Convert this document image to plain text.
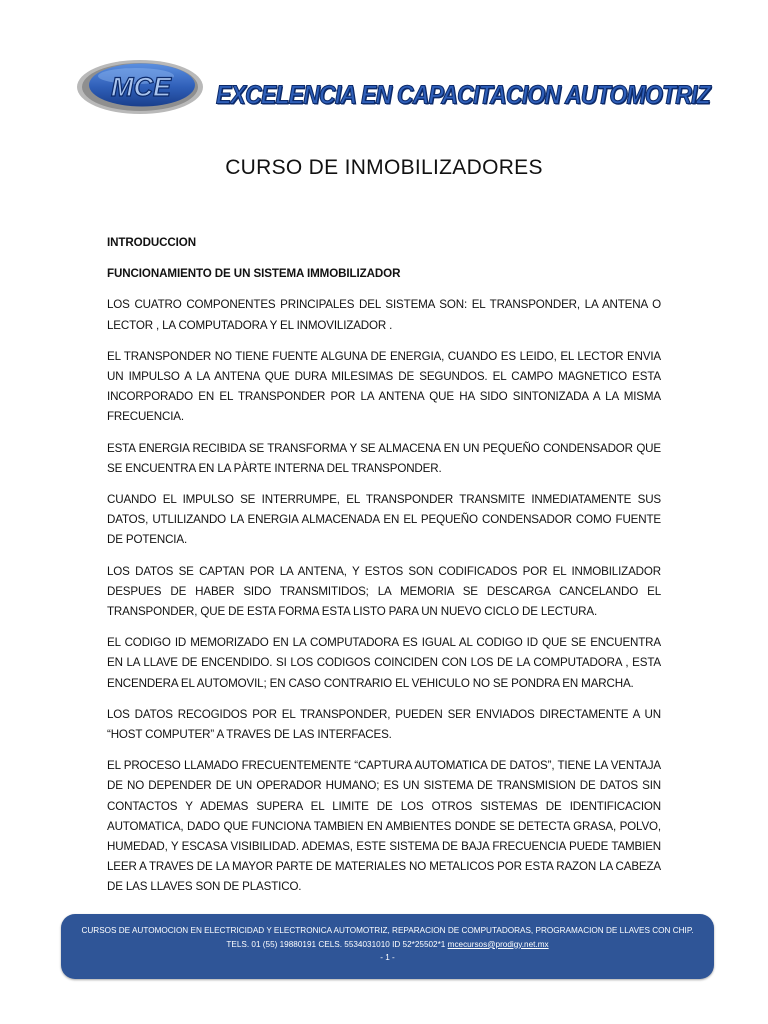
MCE EXCELENCIA EN CAPACITACION AUTOMOTRIZ
CURSO DE INMOBILIZADORES

INTRODUCCION

FUNCIONAMIENTO DE UN SISTEMA IMMOBILIZADOR

LOS CUATRO COMPONENTES PRINCIPALES DEL SISTEMA SON: EL TRANSPONDER, LA ANTENA O LECTOR , LA COMPUTADORA Y EL INMOVILIZADOR .

EL TRANSPONDER NO TIENE FUENTE ALGUNA DE ENERGIA, CUANDO ES LEIDO, EL LECTOR ENVIA UN IMPULSO A LA ANTENA QUE DURA MILESIMAS DE SEGUNDOS. EL CAMPO MAGNETICO ESTA INCORPORADO EN EL TRANSPONDER POR LA ANTENA QUE HA SIDO SINTONIZADA A LA MISMA FRECUENCIA.

ESTA ENERGIA RECIBIDA SE TRANSFORMA Y SE ALMACENA EN UN PEQUEÑO CONDENSADOR QUE SE ENCUENTRA EN LA PÀRTE INTERNA DEL TRANSPONDER.

CUANDO EL IMPULSO SE INTERRUMPE, EL TRANSPONDER TRANSMITE INMEDIATAMENTE SUS DATOS, UTLILIZANDO LA ENERGIA ALMACENADA EN EL PEQUEÑO CONDENSADOR COMO FUENTE DE POTENCIA.

LOS DATOS SE CAPTAN POR LA ANTENA, Y ESTOS SON CODIFICADOS POR EL INMOBILIZADOR DESPUES DE HABER SIDO TRANSMITIDOS; LA MEMORIA SE DESCARGA CANCELANDO EL TRANSPONDER, QUE DE ESTA FORMA ESTA LISTO PARA UN NUEVO CICLO DE LECTURA.

EL CODIGO ID MEMORIZADO EN LA COMPUTADORA ES IGUAL AL CODIGO ID QUE SE ENCUENTRA EN LA LLAVE DE ENCENDIDO. SI LOS CODIGOS COINCIDEN CON LOS DE LA COMPUTADORA , ESTA ENCENDERA EL AUTOMOVIL; EN CASO CONTRARIO EL VEHICULO NO SE PONDRA EN MARCHA.

LOS DATOS RECOGIDOS POR EL TRANSPONDER, PUEDEN SER ENVIADOS DIRECTAMENTE A UN “HOST COMPUTER” A TRAVES DE LAS INTERFACES.

EL PROCESO LLAMADO FRECUENTEMENTE “CAPTURA AUTOMATICA DE DATOS”, TIENE LA VENTAJA DE NO DEPENDER DE UN OPERADOR HUMANO; ES UN SISTEMA DE TRANSMISION DE DATOS SIN CONTACTOS Y ADEMAS SUPERA EL LIMITE DE LOS OTROS SISTEMAS DE IDENTIFICACION AUTOMATICA, DADO QUE FUNCIONA TAMBIEN EN AMBIENTES DONDE SE DETECTA GRASA, POLVO, HUMEDAD, Y ESCASA VISIBILIDAD. ADEMAS, ESTE SISTEMA DE BAJA FRECUENCIA PUEDE TAMBIEN LEER A TRAVES DE LA MAYOR PARTE DE MATERIALES NO METALICOS POR ESTA RAZON LA CABEZA DE LAS LLAVES SON DE PLASTICO.

CURSOS DE AUTOMOCION EN ELECTRICIDAD Y ELECTRONICA AUTOMOTRIZ, REPARACION DE COMPUTADORAS, PROGRAMACION DE LLAVES CON CHIP.
TELS. 01 (55) 19880191 CELS. 5534031010 ID 52*25502*1 mcecursos@prodigy.net.mx
- 1 -
